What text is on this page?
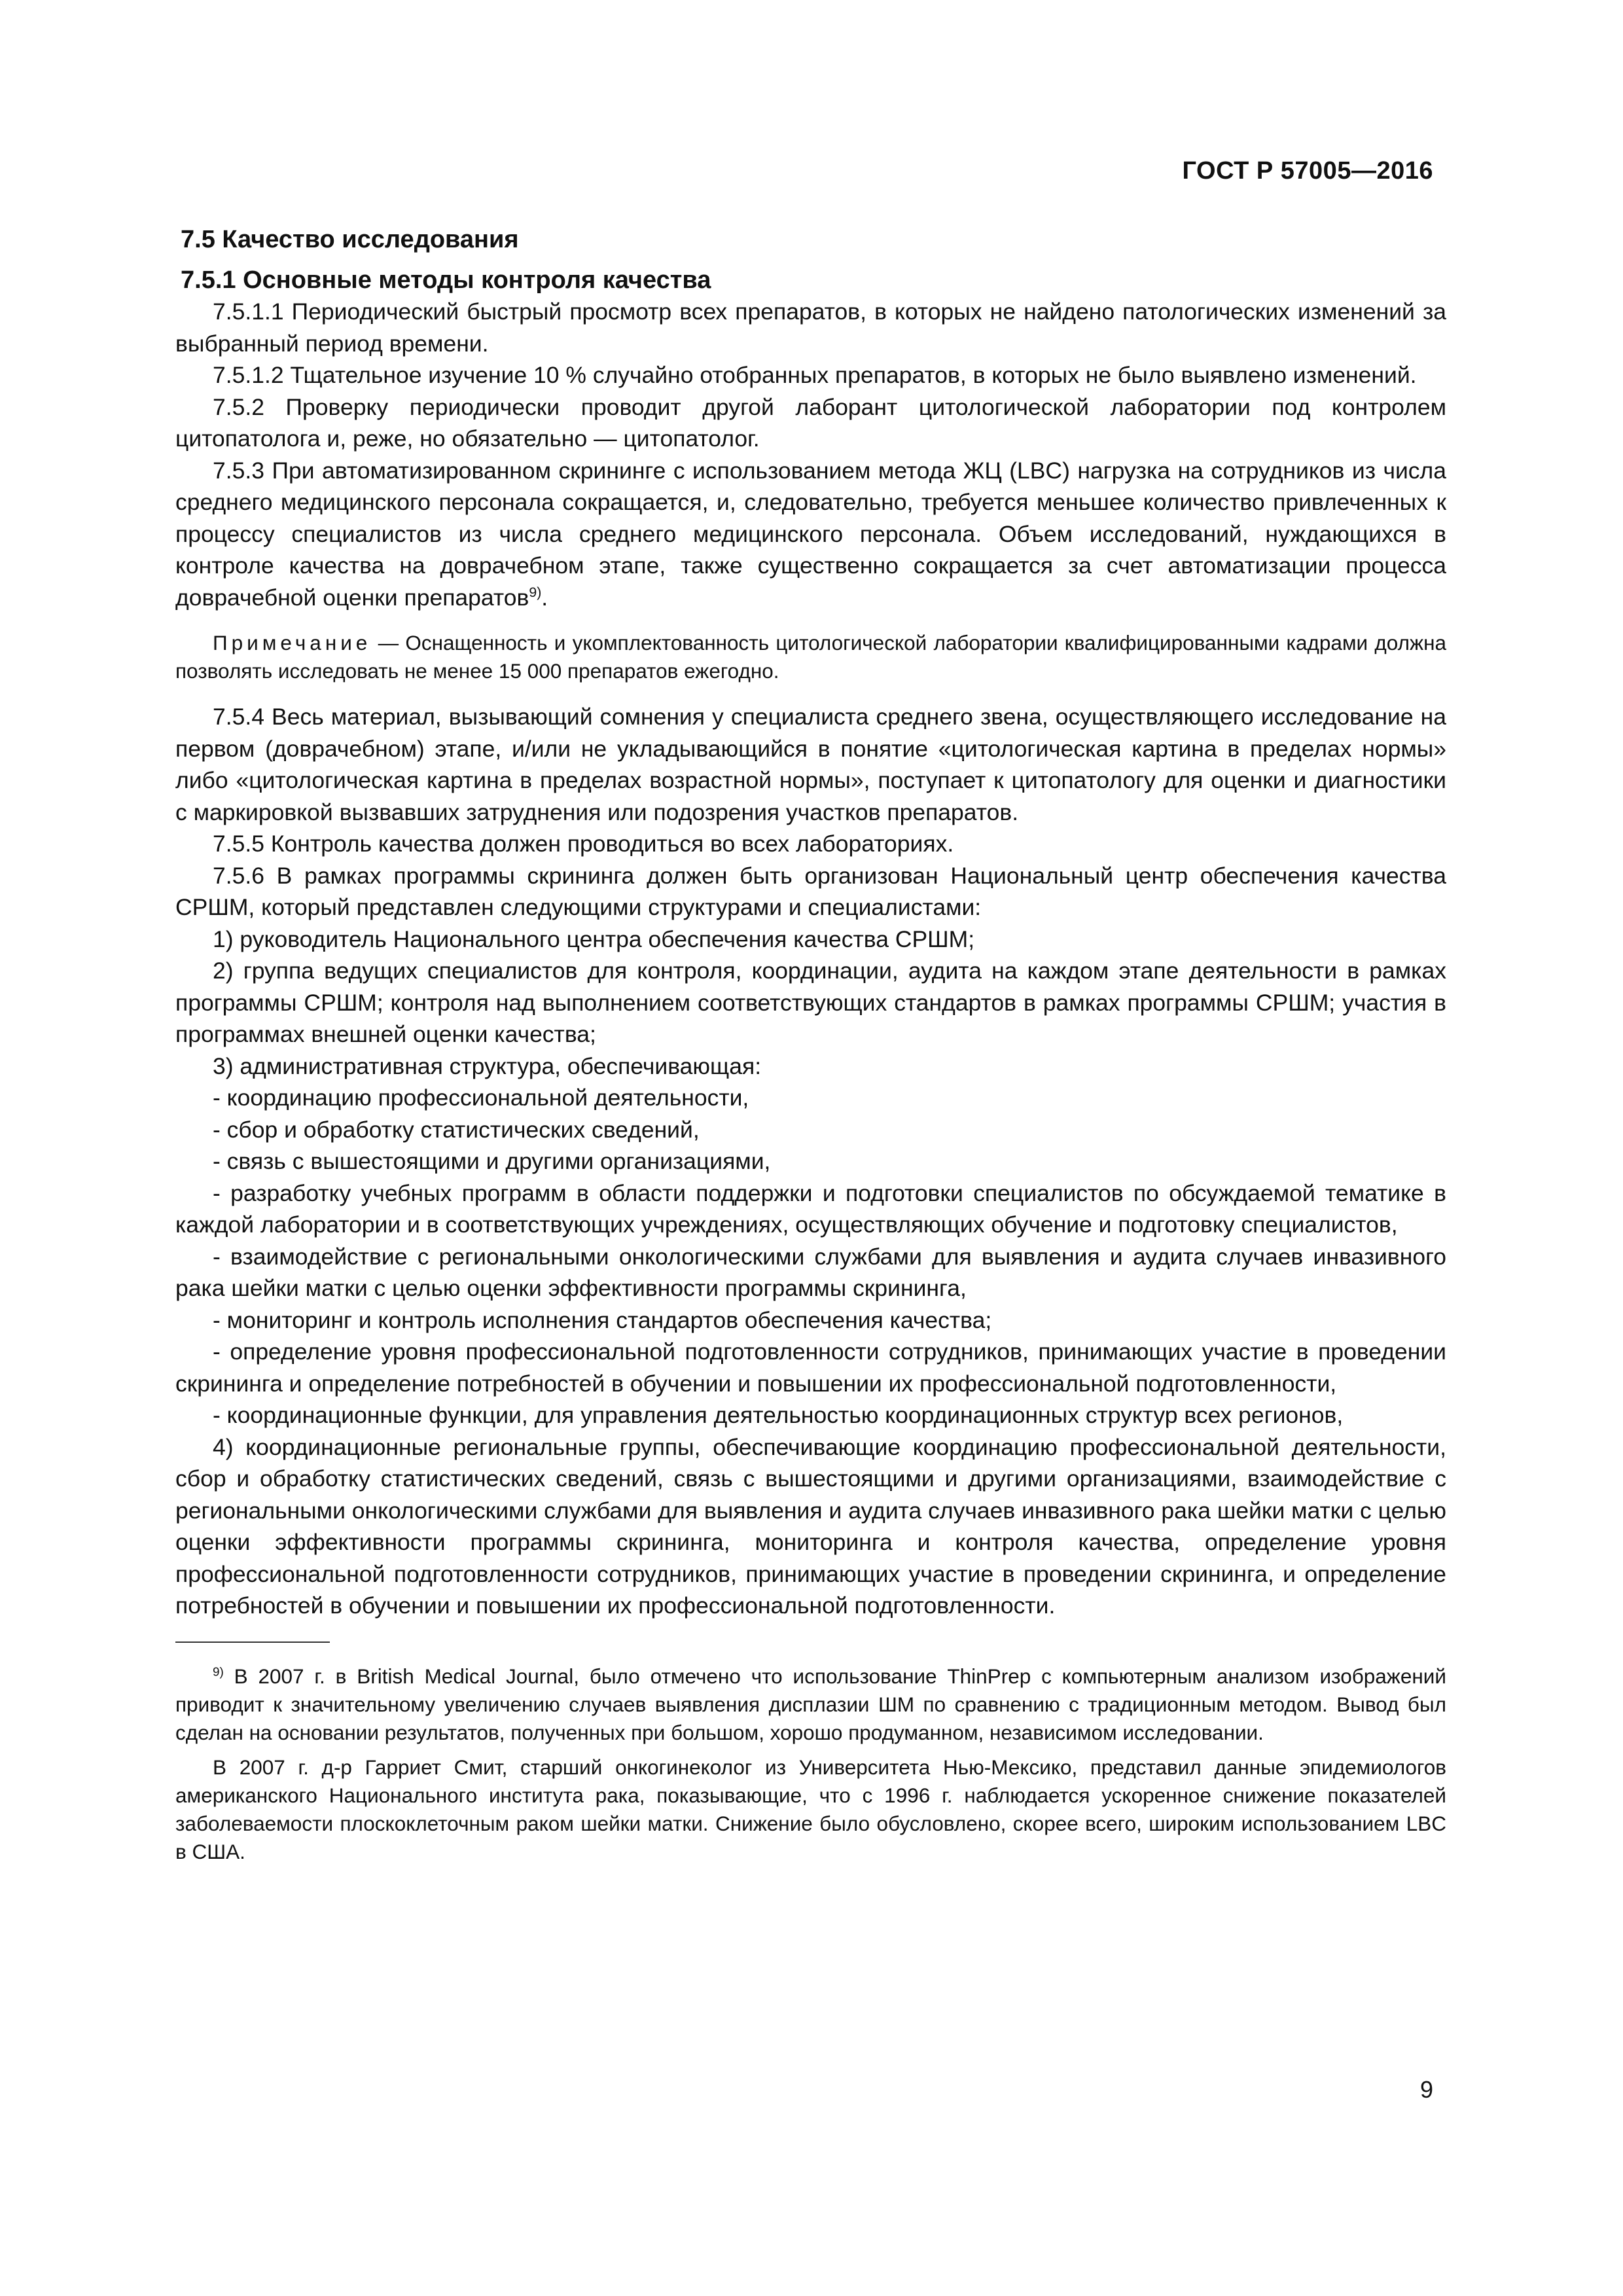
ГОСТ Р 57005—2016
7.5 Качество исследования
7.5.1 Основные методы контроля качества

7.5.1.1 Периодический быстрый просмотр всех препаратов, в которых не найдено патологических изменений за выбранный период времени.

7.5.1.2 Тщательное изучение 10 % случайно отобранных препаратов, в которых не было выявлено изменений.

7.5.2 Проверку периодически проводит другой лаборант цитологической лаборатории под контролем цитопатолога и, реже, но обязательно — цитопатолог.

7.5.3 При автоматизированном скрининге с использованием метода ЖЦ (LBC) нагрузка на сотрудников из числа среднего медицинского персонала сокращается, и, следовательно, требуется меньшее количество привлеченных к процессу специалистов из числа среднего медицинского персонала. Объем исследований, нуждающихся в контроле качества на доврачебном этапе, также существенно сокращается за счет автоматизации процесса доврачебной оценки препаратов$^{9)}$.

Примечание — Оснащенность и укомплектованность цитологической лаборатории квалифицированными кадрами должна позволять исследовать не менее 15 000 препаратов ежегодно.

7.5.4 Весь материал, вызывающий сомнения у специалиста среднего звена, осуществляющего исследование на первом (доврачебном) этапе, и/или не укладывающийся в понятие «цитологическая картина в пределах нормы» либо «цитологическая картина в пределах возрастной нормы», поступает к цитопатологу для оценки и диагностики с маркировкой вызвавших затруднения или подозрения участков препаратов.

7.5.5 Контроль качества должен проводиться во всех лабораториях.

7.5.6 В рамках программы скрининга должен быть организован Национальный центр обеспечения качества СРШМ, который представлен следующими структурами и специалистами:

1) руководитель Национального центра обеспечения качества СРШМ;

2) группа ведущих специалистов для контроля, координации, аудита на каждом этапе деятельности в рамках программы СРШМ; контроля над выполнением соответствующих стандартов в рамках программы СРШМ; участия в программах внешней оценки качества;

3) административная структура, обеспечивающая:

- координацию профессиональной деятельности,

- сбор и обработку статистических сведений,

- связь с вышестоящими и другими организациями,

- разработку учебных программ в области поддержки и подготовки специалистов по обсуждаемой тематике в каждой лаборатории и в соответствующих учреждениях, осуществляющих обучение и подготовку специалистов,

- взаимодействие с региональными онкологическими службами для выявления и аудита случаев инвазивного рака шейки матки с целью оценки эффективности программы скрининга,

- мониторинг и контроль исполнения стандартов обеспечения качества;

- определение уровня профессиональной подготовленности сотрудников, принимающих участие в проведении скрининга и определение потребностей в обучении и повышении их профессиональной подготовленности,

- координационные функции, для управления деятельностью координационных структур всех регионов,

4) координационные региональные группы, обеспечивающие координацию профессиональной деятельности, сбор и обработку статистических сведений, связь с вышестоящими и другими организациями, взаимодействие с региональными онкологическими службами для выявления и аудита случаев инвазивного рака шейки матки с целью оценки эффективности программы скрининга, мониторинга и контроля качества, определение уровня профессиональной подготовленности сотрудников, принимающих участие в проведении скрининга, и определение потребностей в обучении и повышении их профессиональной подготовленности.

$^{9)}$ В 2007 г. в British Medical Journal, было отмечено что использование ThinPrep с компьютерным анализом изображений приводит к значительному увеличению случаев выявления дисплазии ШМ по сравнению с традиционным методом. Вывод был сделан на основании результатов, полученных при большом, хорошо продуманном, независимом исследовании.

В 2007 г. д-р Гарриет Смит, старший онкогинеколог из Университета Нью-Мексико, представил данные эпидемиологов американского Национального института рака, показывающие, что с 1996 г. наблюдается ускоренное снижение показателей заболеваемости плоскоклеточным раком шейки матки. Снижение было обусловлено, скорее всего, широким использованием LBC в США.

9
